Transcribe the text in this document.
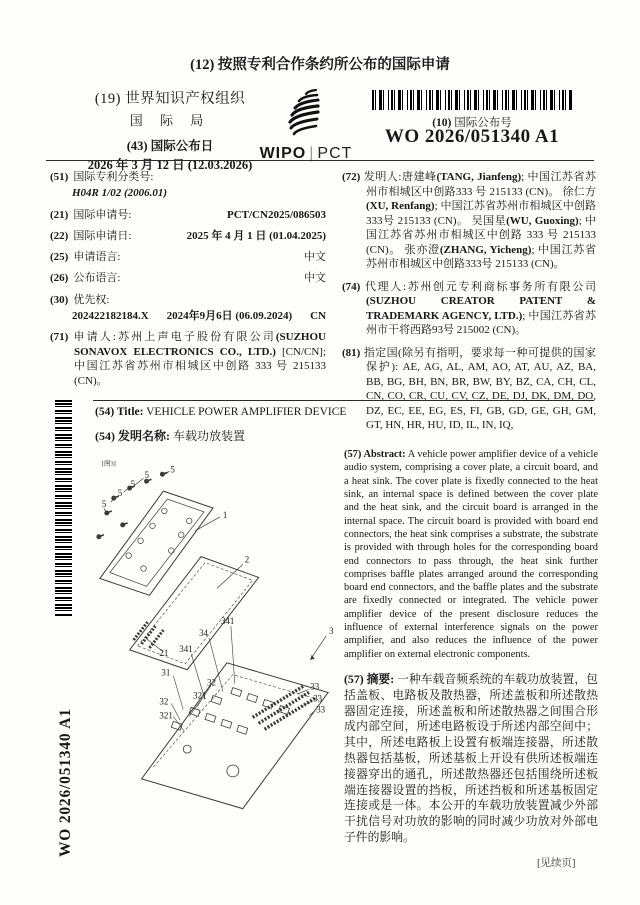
(12) 按照专利合作条约所公布的国际申请
(19) 世界知识产权组织
国 际 局
(43) 国际公布日
2026 年 3 月 12 日 (12.03.2026)
WIPO | PCT
(10) 国际公布号
WO 2026/051340 A1
(51) 国际专利分类号:
H04R 1/02 (2006.01)
(21) 国际申请号:	PCT/CN2025/086503
(22) 国际申请日:	2025 年 4 月 1 日 (01.04.2025)
(25) 申请语言:	中文
(26) 公布语言:	中文
(30) 优先权:
202422182184.X 2024年9月6日 (06.09.2024) CN

(71) 申请人:苏州上声电子股份有限公司(SUZHOU SONAVOX ELECTRONICS CO., LTD.) [CN/CN]; 中国江苏省苏州市相城区中创路 333 号 215133 (CN)。

(72) 发明人:唐建峰(TANG, Jianfeng); 中国江苏省苏州市相城区中创路333 号 215133 (CN)。 徐仁方(XU, Renfang); 中国江苏省苏州市相城区中创路333号 215133 (CN)。 吴国星(WU, Guoxing); 中国江苏省苏州市相城区中创路 333 号 215133 (CN)。 张亦澄(ZHANG, Yicheng); 中国江苏省苏州市相城区中创路333号 215133 (CN)。

(74) 代理人:苏州创元专利商标事务所有限公司(SUZHOU CREATOR PATENT & TRADEMARK AGENCY, LTD.); 中国江苏省苏州市干将西路93号 215002 (CN)。

(81) 指定国(除另有指明，要求每一种可提供的国家保护): AE, AG, AL, AM, AO, AT, AU, AZ, BA, BB, BG, BH, BN, BR, BW, BY, BZ, CA, CH, CL, CN, CO, CR, CU, CV, CZ, DE, DJ, DK, DM, DO, DZ, EC, EE, EG, ES, FI, GB, GD, GE, GH, GM, GT, HN, HR, HU, ID, IL, IN, IQ,

(54) Title: VEHICLE POWER AMPLIFIER DEVICE
(54) 发明名称: 车载功放装置
WO 2026/051340 A1
[图3]
5
5
5
5
5
1
2
3
341
34
341
21
31
32
321
32
321
33
33
33
(57) Abstract: A vehicle power amplifier device of a vehicle audio system, comprising a cover plate, a circuit board, and a heat sink. The cover plate is fixedly connected to the heat sink, an internal space is defined between the cover plate and the heat sink, and the circuit board is arranged in the internal space. The circuit board is provided with board end connectors, the heat sink comprises a substrate, the substrate is provided with through holes for the corresponding board end connectors to pass through, the heat sink further comprises baffle plates arranged around the corresponding board end connectors, and the baffle plates and the substrate are fixedly connected or integrated. The vehicle power amplifier device of the present disclosure reduces the influence of external interference signals on the power amplifier, and also reduces the influence of the power amplifier on external electronic components.
(57) 摘要: 一种车载音频系统的车载功放装置，包括盖板、电路板及散热器，所述盖板和所述散热器固定连接，所述盖板和所述散热器之间围合形成内部空间，所述电路板设于所述内部空间中；其中，所述电路板上设置有板端连接器，所述散热器包括基板，所述基板上开设有供所述板端连接器穿出的通孔，所述散热器还包括围绕所述板端连接器设置的挡板，所述挡板和所述基板固定连接或是一体。本公开的车载功放装置减少外部干扰信号对功放的影响的同时减少功放对外部电子件的影响。
[见续页]
